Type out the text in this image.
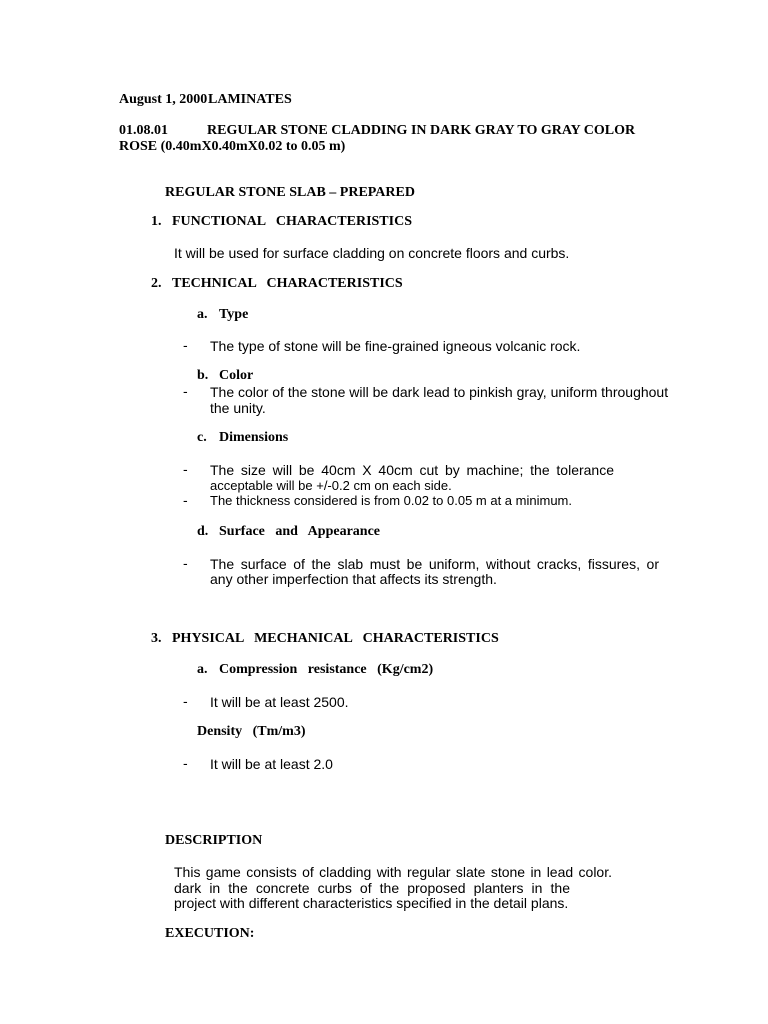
August 1, 2000 LAMINATES
01.08.01	REGULAR STONE CLADDING IN DARK GRAY TO GRAY COLOR
ROSE (0.40mX0.40mX0.02 to 0.05 m)
REGULAR STONE SLAB – PREPARED
1. FUNCTIONAL   CHARACTERISTICS
It will be used for surface cladding on concrete floors and curbs.
2. TECHNICAL   CHARACTERISTICS
a. Type
- The type of stone will be fine-grained igneous volcanic rock.
b. Color
- The color of the stone will be dark lead to pinkish gray, uniform throughout
the unity.
c. Dimensions
- The size will be 40cm X 40cm cut by machine; the tolerance
acceptable will be +/-0.2 cm on each side.
- The thickness considered is from 0.02 to 0.05 m at a minimum.
d. Surface   and   Appearance
- The surface of the slab must be uniform, without cracks, fissures, or
any other imperfection that affects its strength.
3. PHYSICAL   MECHANICAL   CHARACTERISTICS
a. Compression   resistance   (Kg/cm2)
- It will be at least 2500.
Density   (Tm/m3)
- It will be at least 2.0
DESCRIPTION
This game consists of cladding with regular slate stone in lead color.
dark in the concrete curbs of the proposed planters in the
project with different characteristics specified in the detail plans.
EXECUTION:
